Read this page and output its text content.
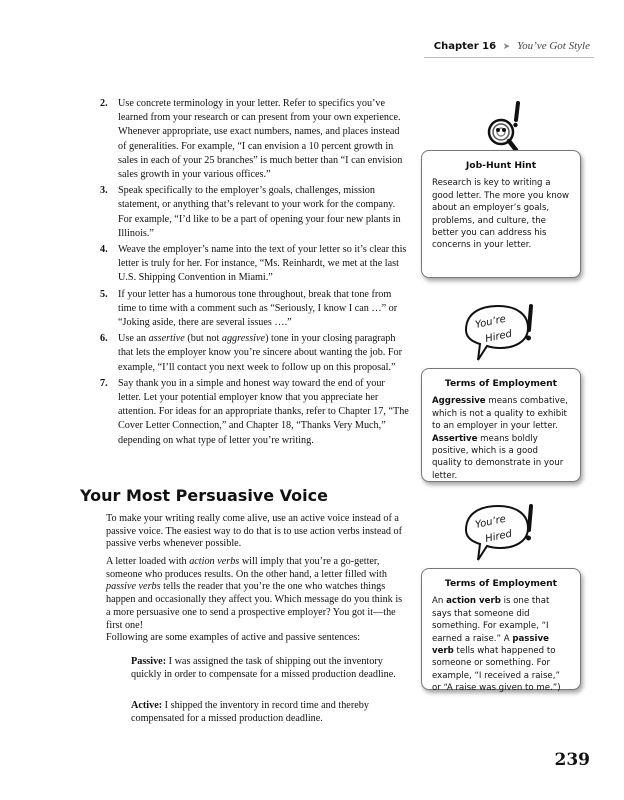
Chapter 16 ➤ You’ve Got Style
2. Use concrete terminology in your letter. Refer to specifics you’ve learned from your research or can present from your own experience. Whenever appropriate, use exact numbers, names, and places instead of generalities. For example, “I can envision a 10 percent growth in sales in each of your 25 branches” is much better than “I can envision sales growth in your various offices.”
3. Speak specifically to the employer’s goals, challenges, mission statement, or anything that’s relevant to your work for the company. For example, “I’d like to be a part of opening your four new plants in Illinois.”
4. Weave the employer’s name into the text of your letter so it’s clear this letter is truly for her. For instance, “Ms. Reinhardt, we met at the last U.S. Shipping Convention in Miami.”
5. If your letter has a humorous tone throughout, break that tone from time to time with a comment such as “Seriously, I know I can …” or “Joking aside, there are several issues ….”
6. Use an assertive (but not aggressive) tone in your closing paragraph that lets the employer know you’re sincere about wanting the job. For example, “I’ll contact you next week to follow up on this proposal.”
7. Say thank you in a simple and honest way toward the end of your letter. Let your potential employer know that you appreciate her attention. For ideas for an appropriate thanks, refer to Chapter 17, “The Cover Letter Connection,” and Chapter 18, “Thanks Very Much,” depending on what type of letter you’re writing.
Your Most Persuasive Voice

To make your writing really come alive, use an active voice instead of a passive voice. The easiest way to do that is to use action verbs instead of passive verbs whenever possible.

A letter loaded with action verbs will imply that you’re a go-getter, someone who produces results. On the other hand, a letter filled with passive verbs tells the reader that you’re the one who watches things happen and occasionally they affect you. Which message do you think is a more persuasive one to send a prospective employer? You got it—the first one!

Following are some examples of active and passive sentences:

Passive: I was assigned the task of shipping out the inventory quickly in order to compensate for a missed production deadline.

Active: I shipped the inventory in record time and thereby compensated for a missed production deadline.

Job-Hunt Hint

Research is key to writing a good letter. The more you know about an employer’s goals, problems, and culture, the better you can address his concerns in your letter.

You’re
Hired
Terms of Employment

Aggressive means combative, which is not a quality to exhibit to an employer in your letter.

Assertive means boldly positive, which is a good quality to demonstrate in your letter.

You’re
Hired
Terms of Employment

An action verb is one that says that someone did something. For example, “I earned a raise.” A passive verb tells what happened to someone or something. For example, “I received a raise,” or “A raise was given to me.”)

239
